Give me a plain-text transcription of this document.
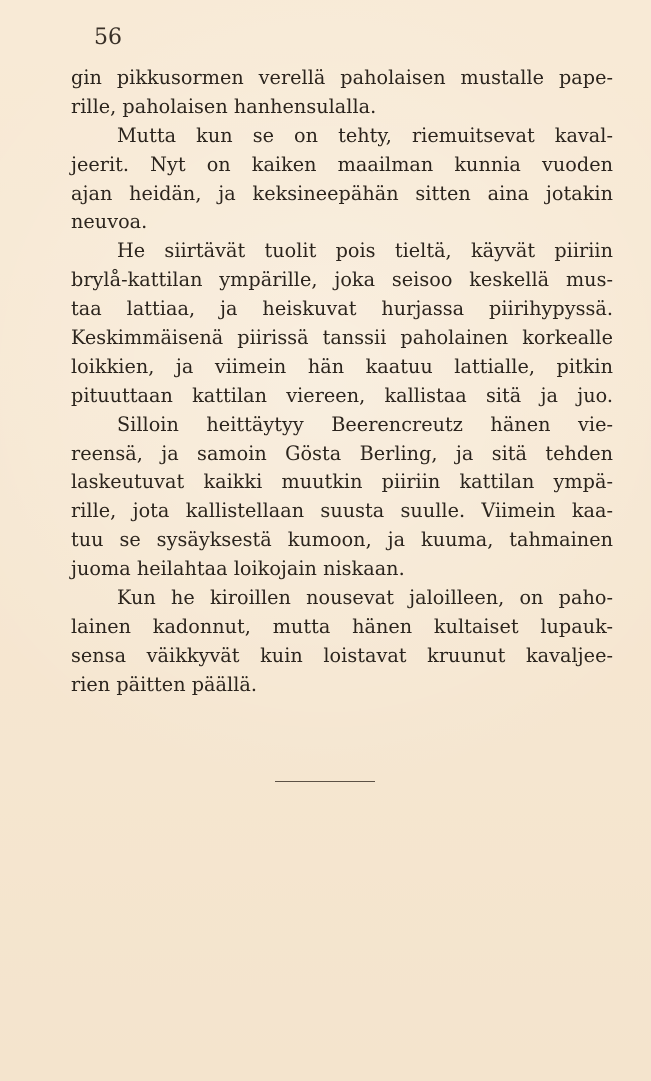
56
gin pikkusormen verellä paholaisen mustalle pape-
rille, paholaisen hanhensulalla.
Mutta kun se on tehty, riemuitsevat kaval-
jeerit. Nyt on kaiken maailman kunnia vuoden
ajan heidän, ja keksineepähän sitten aina jotakin
neuvoa.
He siirtävät tuolit pois tieltä, käyvät piiriin
brylå-kattilan ympärille, joka seisoo keskellä mus-
taa lattiaa, ja heiskuvat hurjassa piirihypyssä.
Keskimmäisenä piirissä tanssii paholainen korkealle
loikkien, ja viimein hän kaatuu lattialle, pitkin
pituuttaan kattilan viereen, kallistaa sitä ja juo.
Silloin heittäytyy Beerencreutz hänen vie-
reensä, ja samoin Gösta Berling, ja sitä tehden
laskeutuvat kaikki muutkin piiriin kattilan ympä-
rille, jota kallistellaan suusta suulle. Viimein kaa-
tuu se sysäyksestä kumoon, ja kuuma, tahmainen
juoma heilahtaa loikojain niskaan.
Kun he kiroillen nousevat jaloilleen, on paho-
lainen kadonnut, mutta hänen kultaiset lupauk-
sensa väikkyvät kuin loistavat kruunut kavaljee-
rien päitten päällä.
